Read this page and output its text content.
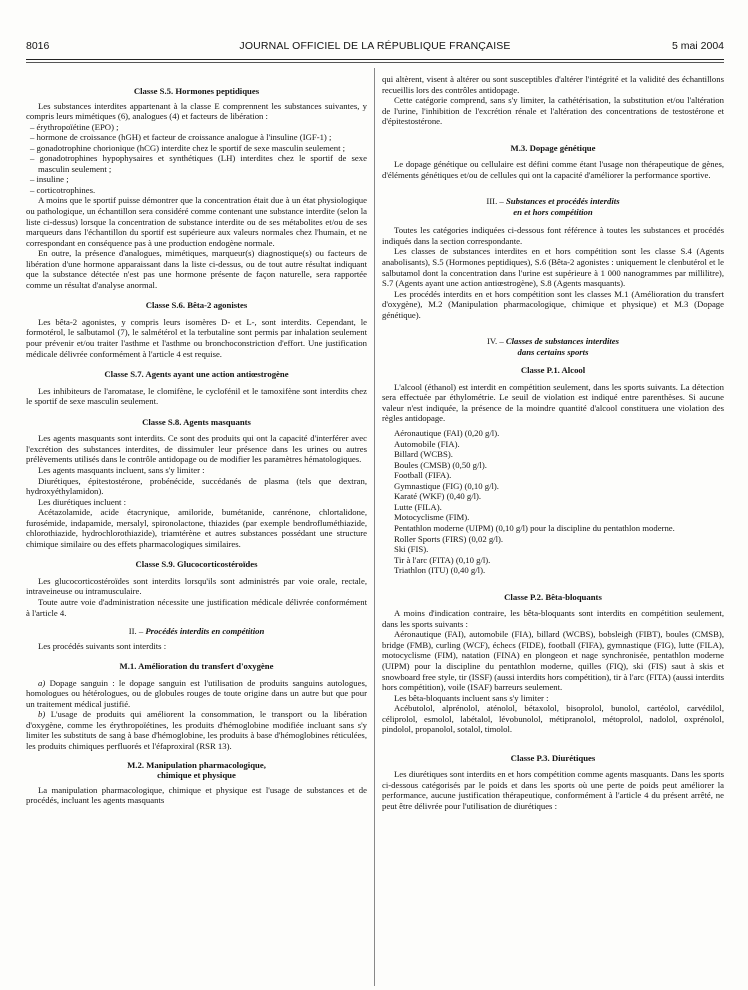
8016	JOURNAL OFFICIEL DE LA RÉPUBLIQUE FRANÇAISE	5 mai 2004

Classe S.5. Hormones peptidiques

Les substances interdites appartenant à la classe E comprennent les substances suivantes, y compris leurs mimétiques (6), analogues (4) et facteurs de libération :

– érythropoïétine (EPO) ;

– hormone de croissance (hGH) et facteur de croissance analogue à l'insuline (IGF-1) ;

– gonadotrophine chorionique (hCG) interdite chez le sportif de sexe masculin seulement ;

– gonadotrophines hypophysaires et synthétiques (LH) interdites chez le sportif de sexe masculin seulement ;

– insuline ;

– corticotrophines.

A moins que le sportif puisse démontrer que la concentration était due à un état physiologique ou pathologique, un échantillon sera considéré comme contenant une substance interdite (selon la liste ci-dessus) lorsque la concentration de substance interdite ou de ses métabolites et/ou de ses marqueurs dans l'échantillon du sportif est supérieure aux valeurs normales chez l'humain, et ne correspondant en conséquence pas à une production endogène normale.

En outre, la présence d'analogues, mimétiques, marqueur(s) diagnostique(s) ou facteurs de libération d'une hormone apparaissant dans la liste ci-dessus, ou de tout autre résultat indiquant que la substance détectée n'est pas une hormone présente de façon naturelle, sera rapportée comme un résultat d'analyse anormal.

Classe S.6. Bêta-2 agonistes

Les bêta-2 agonistes, y compris leurs isomères D- et L-, sont interdits. Cependant, le formotérol, le salbutamol (7), le salmétérol et la terbutaline sont permis par inhalation seulement pour prévenir et/ou traiter l'asthme et l'asthme ou bronchoconstriction d'effort. Une justification médicale délivrée conformément à l'article 4 est requise.

Classe S.7. Agents ayant une action antiœstrogène

Les inhibiteurs de l'aromatase, le clomifène, le cyclofénil et le tamoxifène sont interdits chez le sportif de sexe masculin seulement.

Classe S.8. Agents masquants

Les agents masquants sont interdits. Ce sont des produits qui ont la capacité d'interférer avec l'excrétion des substances interdites, de dissimuler leur présence dans les urines ou autres prélèvements utilisés dans le contrôle antidopage ou de modifier les paramètres hématologiques.

Les agents masquants incluent, sans s'y limiter :

Diurétiques, épitestostérone, probénécide, succédanés de plasma (tels que dextran, hydroxyéthylamidon).

Les diurétiques incluent :

Acétazolamide, acide étacrynique, amiloride, bumétanide, canrénone, chlortalidone, furosémide, indapamide, mersalyl, spironolactone, thiazides (par exemple bendrofluméthiazide, chlorothiazide, hydrochlorothiazide), triamtérène et autres substances possédant une structure chimique similaire ou des effets pharmacologiques similaires.

Classe S.9. Glucocorticostéroïdes

Les glucocorticostéroïdes sont interdits lorsqu'ils sont administrés par voie orale, rectale, intraveineuse ou intramusculaire.

Toute autre voie d'administration nécessite une justification médicale délivrée conformément à l'article 4.

II. – Procédés interdits en compétition

Les procédés suivants sont interdits :

M.1. Amélioration du transfert d'oxygène

a) Dopage sanguin : le dopage sanguin est l'utilisation de produits sanguins autologues, homologues ou hétérologues, ou de globules rouges de toute origine dans un autre but que pour un traitement médical justifié.

b) L'usage de produits qui améliorent la consommation, le transport ou la libération d'oxygène, comme les érythropoïétines, les produits d'hémoglobine modifiée incluant sans s'y limiter les substituts de sang à base d'hémoglobine, les produits à base d'hémoglobines réticulées, les produits chimiques perfluorés et l'éfaproxiral (RSR 13).

M.2. Manipulation pharmacologique,

chimique et physique

La manipulation pharmacologique, chimique et physique est l'usage de substances et de procédés, incluant les agents masquants

qui altèrent, visent à altérer ou sont susceptibles d'altérer l'intégrité et la validité des échantillons recueillis lors des contrôles antidopage.

Cette catégorie comprend, sans s'y limiter, la cathétérisation, la substitution et/ou l'altération de l'urine, l'inhibition de l'excrétion rénale et l'altération des concentrations de testostérone et d'épitestostérone.

M.3. Dopage génétique

Le dopage génétique ou cellulaire est défini comme étant l'usage non thérapeutique de gènes, d'éléments génétiques et/ou de cellules qui ont la capacité d'améliorer la performance sportive.

III. – Substances et procédés interdits
en et hors compétition

Toutes les catégories indiquées ci-dessous font référence à toutes les substances et procédés indiqués dans la section correspondante.

Les classes de substances interdites en et hors compétition sont les classe S.4 (Agents anabolisants), S.5 (Hormones peptidiques), S.6 (Bêta-2 agonistes : uniquement le clenbutérol et le salbutamol dont la concentration dans l'urine est supérieure à 1 000 nanogrammes par millilitre), S.7 (Agents ayant une action antiœstrogène), S.8 (Agents masquants).

Les procédés interdits en et hors compétition sont les classes M.1 (Amélioration du transfert d'oxygène), M.2 (Manipulation pharmacologique, chimique et physique) et M.3 (Dopage génétique).

IV. – Classes de substances interdites
dans certains sports

Classe P.1. Alcool

L'alcool (éthanol) est interdit en compétition seulement, dans les sports suivants. La détection sera effectuée par éthylométrie. Le seuil de violation est indiqué entre parenthèses. Si aucune valeur n'est indiquée, la présence de la moindre quantité d'alcool constituera une violation des règles antidopage.

Aéronautique (FAI) (0,20 g/l).

Automobile (FIA).

Billard (WCBS).

Boules (CMSB) (0,50 g/l).

Football (FIFA).

Gymnastique (FIG) (0,10 g/l).

Karaté (WKF) (0,40 g/l).

Lutte (FILA).

Motocyclisme (FIM).

Pentathlon moderne (UIPM) (0,10 g/l) pour la discipline du pentathlon moderne.

Roller Sports (FIRS) (0,02 g/l).

Ski (FIS).

Tir à l'arc (FITA) (0,10 g/l).

Triathlon (ITU) (0,40 g/l).

Classe P.2. Bêta-bloquants

A moins d'indication contraire, les bêta-bloquants sont interdits en compétition seulement, dans les sports suivants :

Aéronautique (FAI), automobile (FIA), billard (WCBS), bobsleigh (FIBT), boules (CMSB), bridge (FMB), curling (WCF), échecs (FIDE), football (FIFA), gymnastique (FIG), lutte (FILA), motocyclisme (FIM), natation (FINA) en plongeon et nage synchronisée, pentathlon moderne (UIPM) pour la discipline du pentathlon moderne, quilles (FIQ), ski (FIS) saut à skis et snowboard free style, tir (ISSF) (aussi interdits hors compétition), tir à l'arc (FITA) (aussi interdits hors compétition), voile (ISAF) barreurs seulement.

Les bêta-bloquants incluent sans s'y limiter :

Acébutolol, alprénolol, aténolol, bétaxolol, bisoprolol, bunolol, cartéolol, carvédilol, céliprolol, esmolol, labétalol, lévobunolol, métipranolol, métoprolol, nadolol, oxprénolol, pindolol, propanolol, sotalol, timolol.

Classe P.3. Diurétiques

Les diurétiques sont interdits en et hors compétition comme agents masquants. Dans les sports ci-dessous catégorisés par le poids et dans les sports où une perte de poids peut améliorer la performance, aucune justification thérapeutique, conformément à l'article 4 du présent arrêté, ne peut être délivrée pour l'utilisation de diurétiques :
